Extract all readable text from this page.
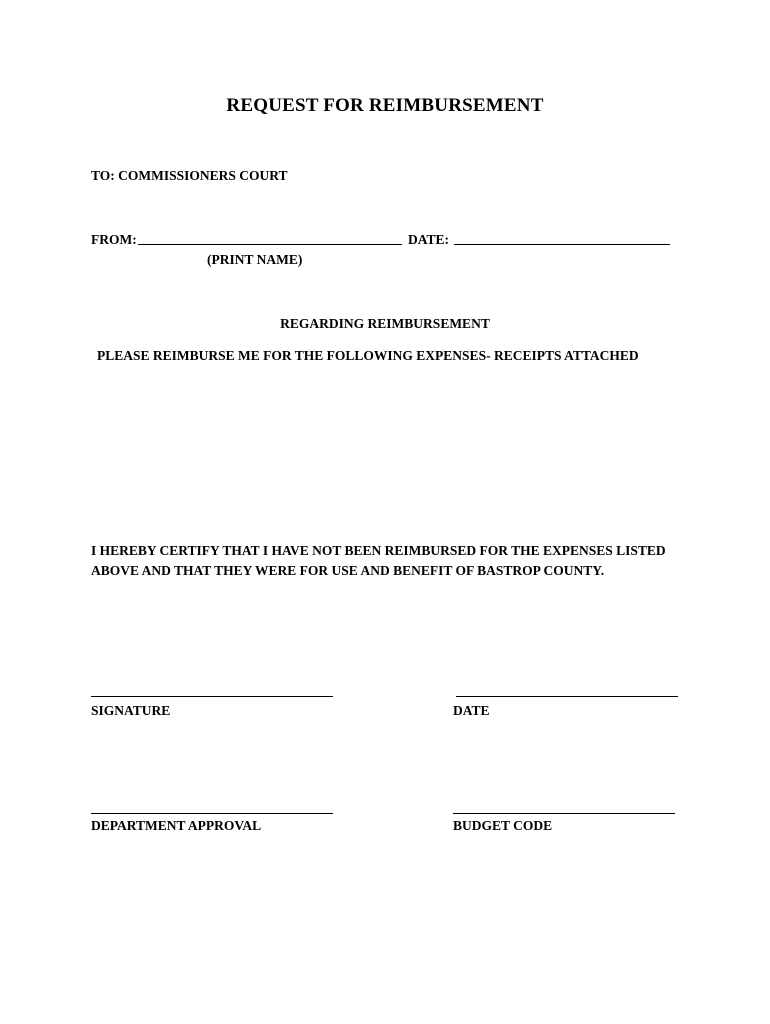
REQUEST FOR REIMBURSEMENT
TO: COMMISSIONERS COURT
FROM:	DATE:
(PRINT NAME)
REGARDING REIMBURSEMENT
PLEASE REIMBURSE ME FOR THE FOLLOWING EXPENSES- RECEIPTS ATTACHED
I HEREBY CERTIFY THAT I HAVE NOT BEEN REIMBURSED FOR THE EXPENSES LISTED ABOVE AND THAT THEY WERE FOR USE AND BENEFIT OF BASTROP COUNTY.
SIGNATURE	DATE
DEPARTMENT APPROVAL	BUDGET CODE
